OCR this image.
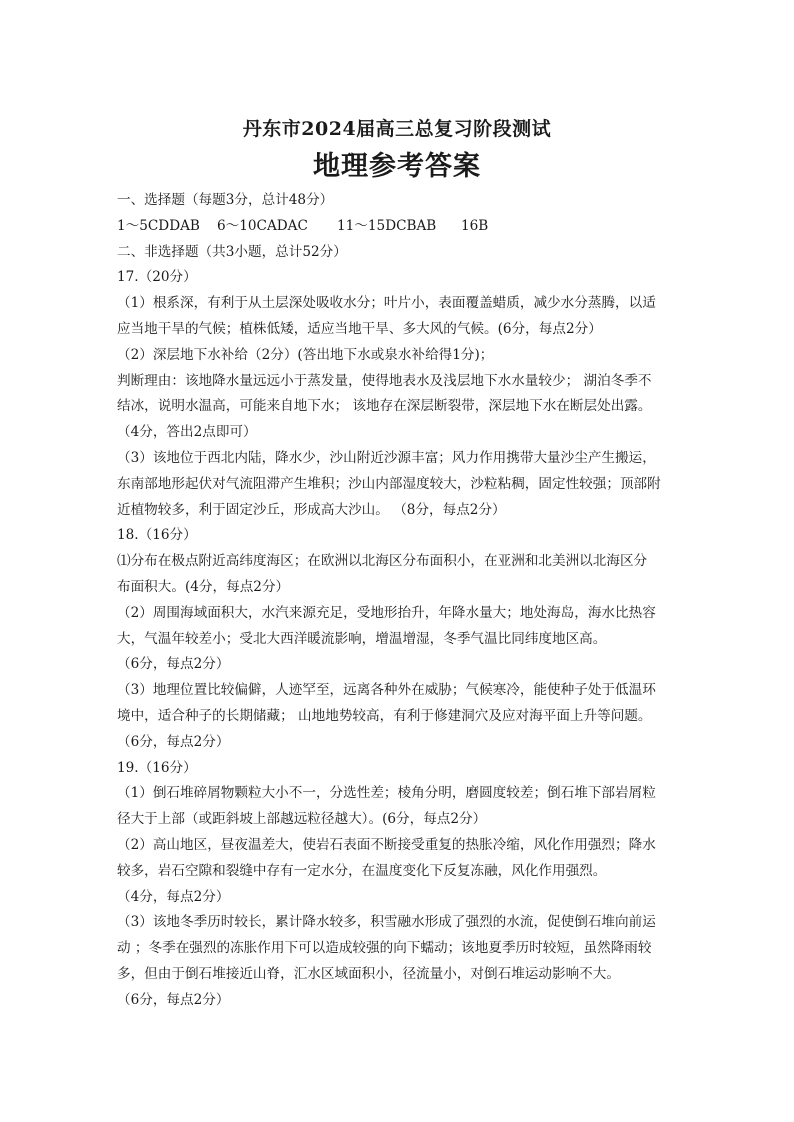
丹东市2024届高三总复习阶段测试
地理参考答案
一、选择题（每题3分，总计48分）
1～5CDDAB 6～10CADAC 11～15DCBAB 16B
二、非选择题（共3小题，总计52分）
17.（20分）
（1）根系深，有利于从土层深处吸收水分；叶片小，表面覆盖蜡质，减少水分蒸腾，以适
应当地干旱的气候；植株低矮，适应当地干旱、多大风的气候。(6分，每点2分）
（2）深层地下水补给（2分）(答出地下水或泉水补给得1分)；
判断理由：该地降水量远远小于蒸发量，使得地表水及浅层地下水水量较少； 湖泊冬季不
结冰，说明水温高，可能来自地下水； 该地存在深层断裂带，深层地下水在断层处出露。
（4分，答出2点即可）
（3）该地位于西北内陆，降水少，沙山附近沙源丰富；风力作用携带大量沙尘产生搬运，
东南部地形起伏对气流阻滞产生堆积；沙山内部湿度较大，沙粒粘稠，固定性较强；顶部附
近植物较多，利于固定沙丘，形成高大沙山。 （8分，每点2分）
18.（16分）
⑴分布在极点附近高纬度海区；在欧洲以北海区分布面积小，在亚洲和北美洲以北海区分
布面积大。(4分，每点2分）
（2）周围海域面积大，水汽来源充足，受地形抬升，年降水量大；地处海岛，海水比热容
大，气温年较差小；受北大西洋暖流影响，增温增湿，冬季气温比同纬度地区高。
（6分，每点2分）
（3）地理位置比较偏僻，人迹罕至，远离各种外在威胁；气候寒冷，能使种子处于低温环
境中，适合种子的长期储藏； 山地地势较高，有利于修建洞穴及应对海平面上升等问题。
（6分，每点2分）
19.（16分）
（1）倒石堆碎屑物颗粒大小不一，分选性差；棱角分明，磨圆度较差；倒石堆下部岩屑粒
径大于上部（或距斜坡上部越远粒径越大）。(6分，每点2分）
（2）高山地区，昼夜温差大，使岩石表面不断接受重复的热胀冷缩，风化作用强烈；降水
较多，岩石空隙和裂缝中存有一定水分，在温度变化下反复冻融，风化作用强烈。
（4分，每点2分）
（3）该地冬季历时较长，累计降水较多，积雪融水形成了强烈的水流，促使倒石堆向前运
动 ；冬季在强烈的冻胀作用下可以造成较强的向下蠕动；该地夏季历时较短，虽然降雨较
多，但由于倒石堆接近山脊，汇水区域面积小，径流量小，对倒石堆运动影响不大。
（6分，每点2分）
